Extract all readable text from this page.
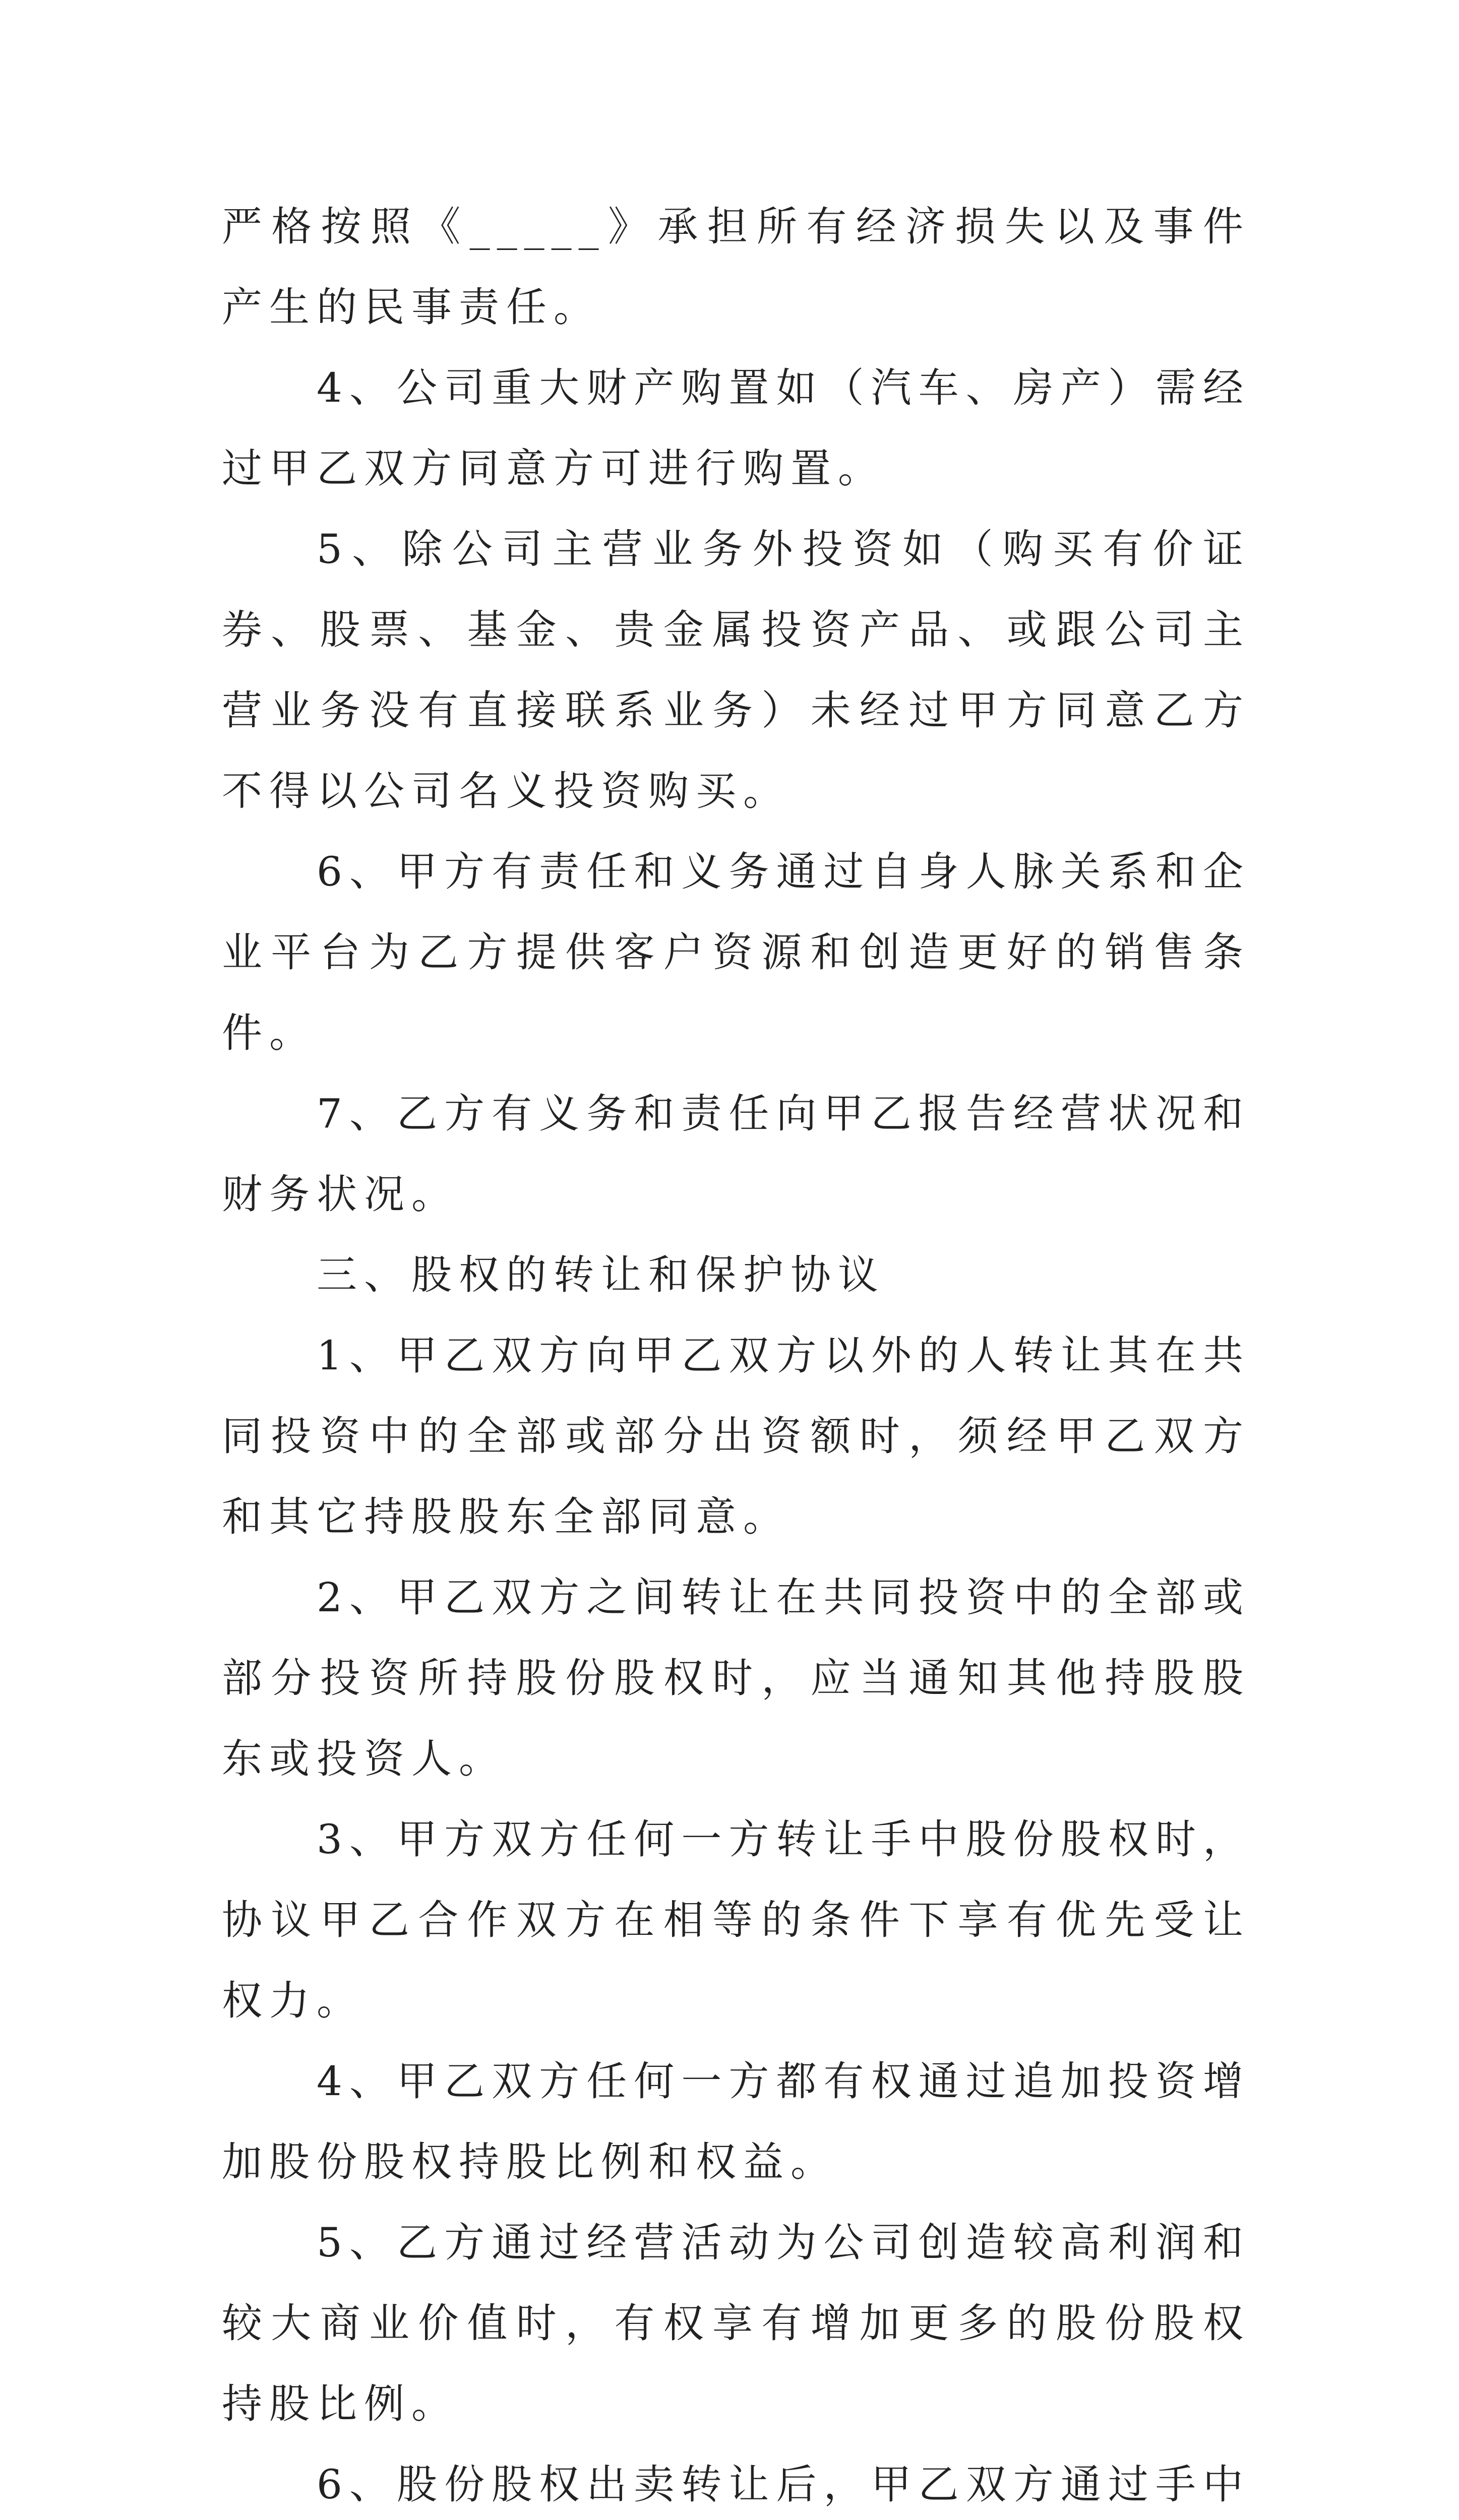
严格按照《_____》承担所有经济损失以及事件产生的民事责任。

4、公司重大财产购置如（汽车、房产）需经过甲乙双方同意方可进行购置。

5、除公司主营业务外投资如（购买有价证券、股票、基金、贵金属投资产品、或跟公司主营业务没有直接联系业务）未经过甲方同意乙方不得以公司名义投资购买。

6、甲方有责任和义务通过自身人脉关系和企业平台为乙方提供客户资源和创造更好的销售条件。

7、乙方有义务和责任向甲乙报告经营状况和财务状况。

三、股权的转让和保护协议

1、甲乙双方向甲乙双方以外的人转让其在共同投资中的全部或部分出资额时，须经甲乙双方和其它持股股东全部同意。

2、甲乙双方之间转让在共同投资中的全部或部分投资所持股份股权时，应当通知其他持股股东或投资人。

3、甲方双方任何一方转让手中股份股权时，协议甲乙合作双方在相等的条件下享有优先受让权力。

4、甲乙双方任何一方都有权通过追加投资增加股份股权持股比例和权益。

5、乙方通过经营活动为公司创造较高利润和较大商业价值时，有权享有增加更多的股份股权持股比例。

6、股份股权出卖转让后，甲乙双方通过手中
